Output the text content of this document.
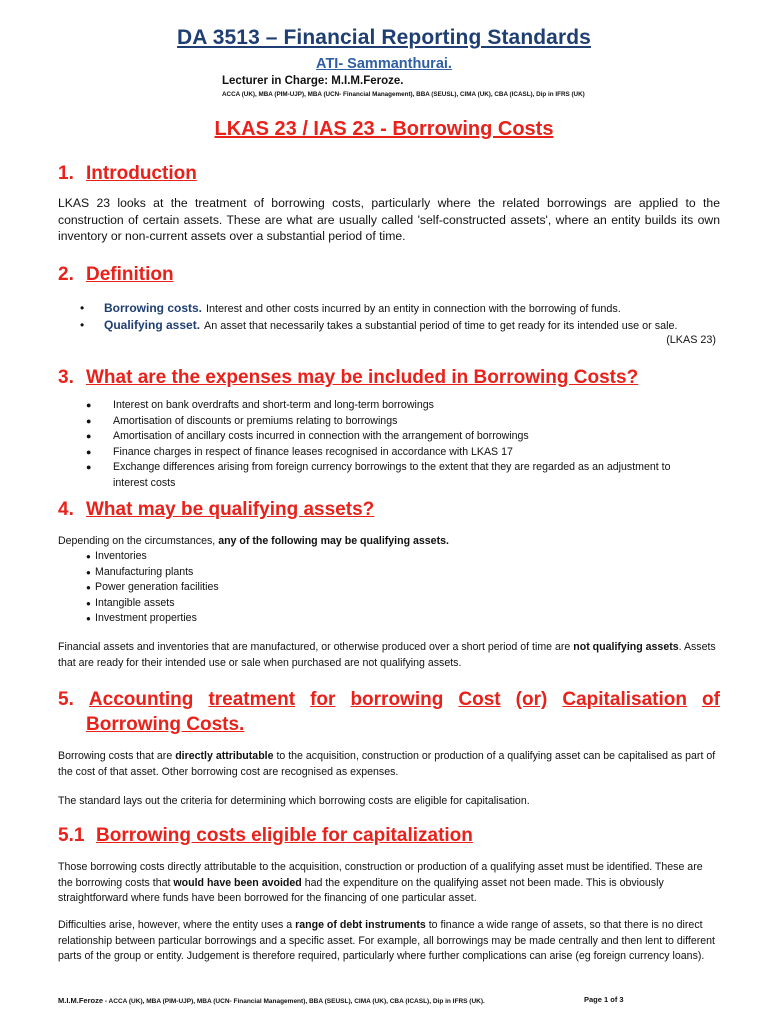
DA 3513 – Financial Reporting Standards
ATI- Sammanthurai.
Lecturer in Charge: M.I.M.Feroze.
ACCA (UK), MBA (PIM-UJP), MBA (UCN- Financial Management), BBA (SEUSL), CIMA (UK), CBA (ICASL), Dip in IFRS (UK)
LKAS 23 / IAS 23 - Borrowing Costs
1. Introduction
LKAS 23 looks at the treatment of borrowing costs, particularly where the related borrowings are applied to the construction of certain assets. These are what are usually called 'self-constructed assets', where an entity builds its own inventory or non-current assets over a substantial period of time.
2. Definition
•	Borrowing costs. Interest and other costs incurred by an entity in connection with the borrowing of funds.
•	Qualifying asset. An asset that necessarily takes a substantial period of time to get ready for its intended use or sale.
(LKAS 23)
3. What are the expenses may be included in Borrowing Costs?
●	Interest on bank overdrafts and short-term and long-term borrowings
●	Amortisation of discounts or premiums relating to borrowings
●	Amortisation of ancillary costs incurred in connection with the arrangement of borrowings
●	Finance charges in respect of finance leases recognised in accordance with LKAS 17
●	Exchange differences arising from foreign currency borrowings to the extent that they are regarded as an adjustment to interest costs
4. What may be qualifying assets?
Depending on the circumstances, any of the following may be qualifying assets.
● Inventories
● Manufacturing plants
● Power generation facilities
● Intangible assets
● Investment properties
Financial assets and inventories that are manufactured, or otherwise produced over a short period of time are not qualifying assets. Assets that are ready for their intended use or sale when purchased are not qualifying assets.
5. Accounting treatment for borrowing Cost (or) Capitalisation of
Borrowing Costs.
Borrowing costs that are directly attributable to the acquisition, construction or production of a qualifying asset can be capitalised as part of the cost of that asset. Other borrowing cost are recognised as expenses.
The standard lays out the criteria for determining which borrowing costs are eligible for capitalisation.
5.1 Borrowing costs eligible for capitalization
Those borrowing costs directly attributable to the acquisition, construction or production of a qualifying asset must be identified. These are the borrowing costs that would have been avoided had the expenditure on the qualifying asset not been made. This is obviously straightforward where funds have been borrowed for the financing of one particular asset.
Difficulties arise, however, where the entity uses a range of debt instruments to finance a wide range of assets, so that there is no direct relationship between particular borrowings and a specific asset. For example, all borrowings may be made centrally and then lent to different parts of the group or entity. Judgement is therefore required, particularly where further complications can arise (eg foreign currency loans).
M.I.M.Feroze - ACCA (UK), MBA (PIM-UJP), MBA (UCN- Financial Management), BBA (SEUSL), CIMA (UK), CBA (ICASL), Dip in IFRS (UK).	Page 1 of 3
